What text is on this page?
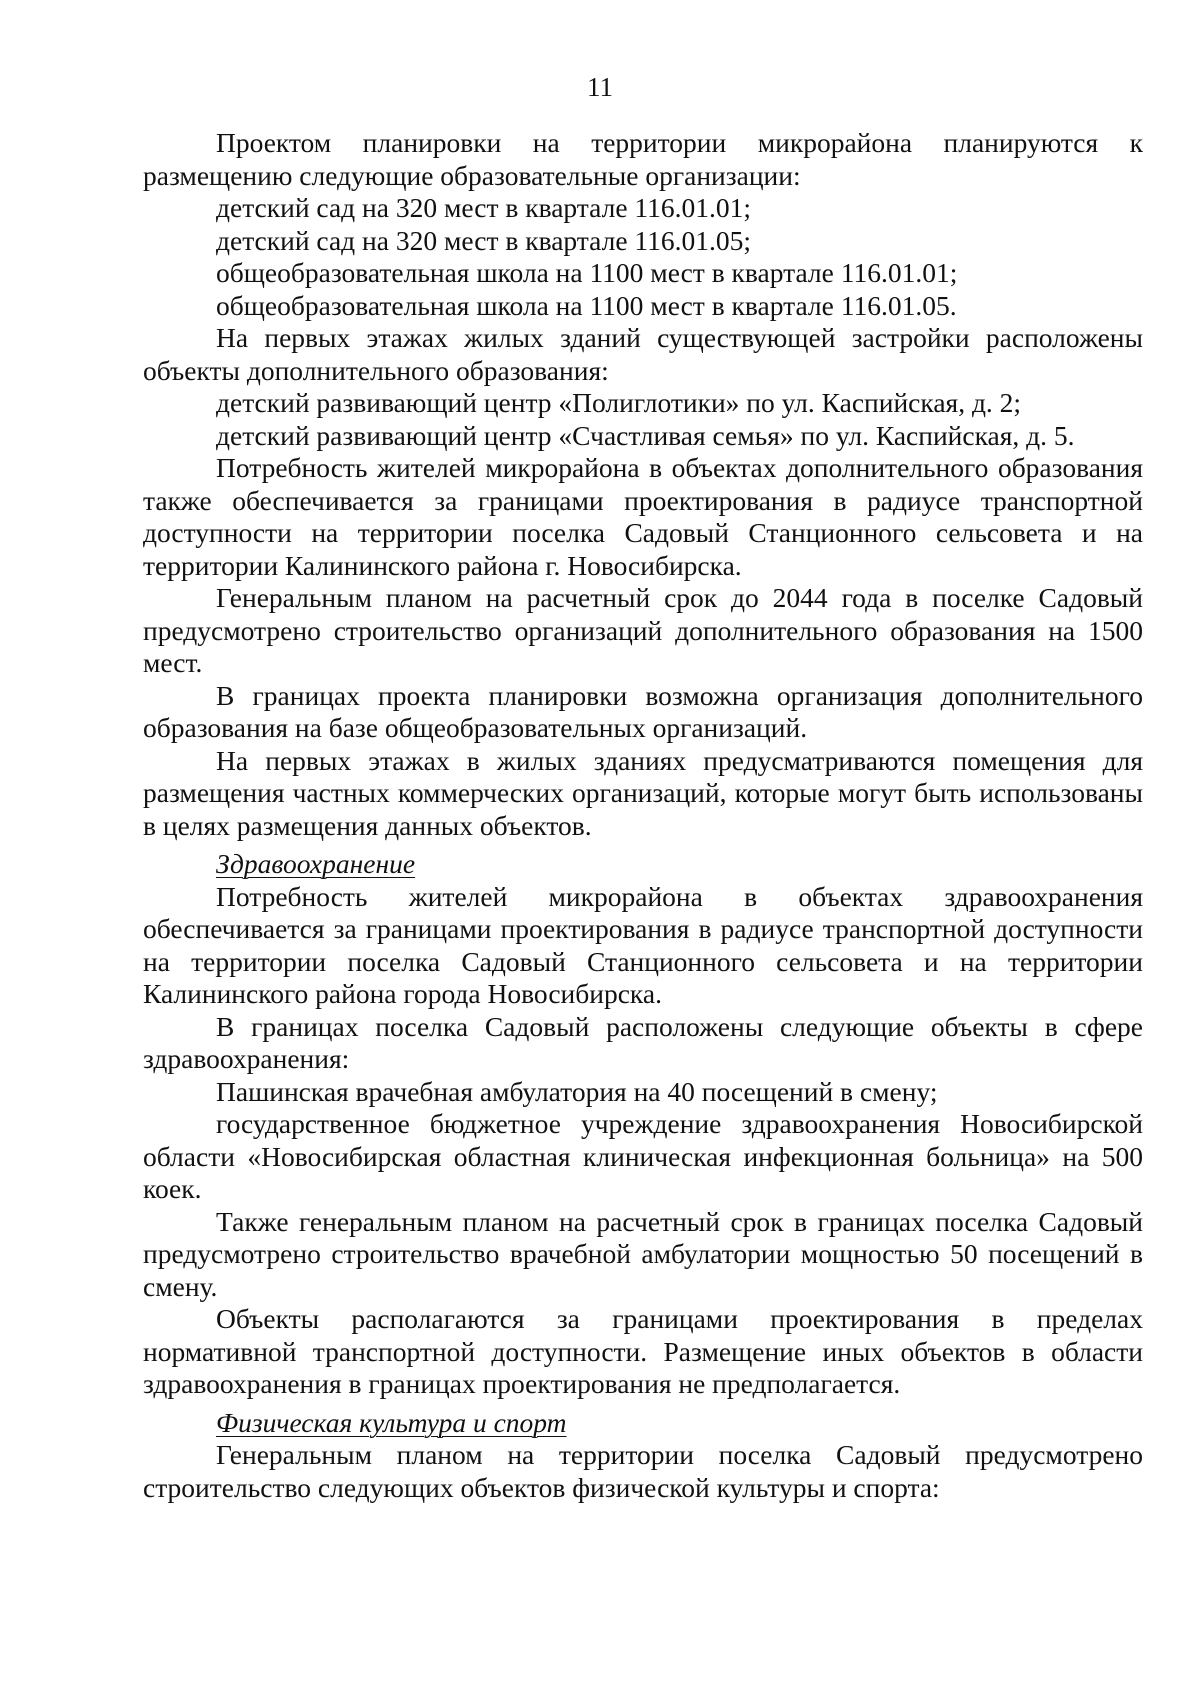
11

Проектом планировки на территории микрорайона планируются к размещению следующие образовательные организации:

детский сад на 320 мест в квартале 116.01.01;

детский сад на 320 мест в квартале 116.01.05;

общеобразовательная школа на 1100 мест в квартале 116.01.01;

общеобразовательная школа на 1100 мест в квартале 116.01.05.

На первых этажах жилых зданий существующей застройки расположены объекты дополнительного образования:

детский развивающий центр «Полиглотики» по ул. Каспийская, д. 2;

детский развивающий центр «Счастливая семья» по ул. Каспийская, д. 5.

Потребность жителей микрорайона в объектах дополнительного образования также обеспечивается за границами проектирования в радиусе транспортной доступности на территории поселка Садовый Станционного сельсовета и на территории Калининского района г. Новосибирска.

Генеральным планом на расчетный срок до 2044 года в поселке Садовый предусмотрено строительство организаций дополнительного образования на 1500 мест.

В границах проекта планировки возможна организация дополнительного образования на базе общеобразовательных организаций.

На первых этажах в жилых зданиях предусматриваются помещения для размещения частных коммерческих организаций, которые могут быть использованы в целях размещения данных объектов.

Здравоохранение

Потребность жителей микрорайона в объектах здравоохранения обеспечивается за границами проектирования в радиусе транспортной доступности на территории поселка Садовый Станционного сельсовета и на территории Калининского района города Новосибирска.

В границах поселка Садовый расположены следующие объекты в сфере здравоохранения:

Пашинская врачебная амбулатория на 40 посещений в смену;

государственное бюджетное учреждение здравоохранения Новосибирской области «Новосибирская областная клиническая инфекционная больница» на 500 коек.

Также генеральным планом на расчетный срок в границах поселка Садовый предусмотрено строительство врачебной амбулатории мощностью 50 посещений в смену.

Объекты располагаются за границами проектирования в пределах нормативной транспортной доступности. Размещение иных объектов в области здравоохранения в границах проектирования не предполагается.

Физическая культура и спорт

Генеральным планом на территории поселка Садовый предусмотрено строительство следующих объектов физической культуры и спорта:
